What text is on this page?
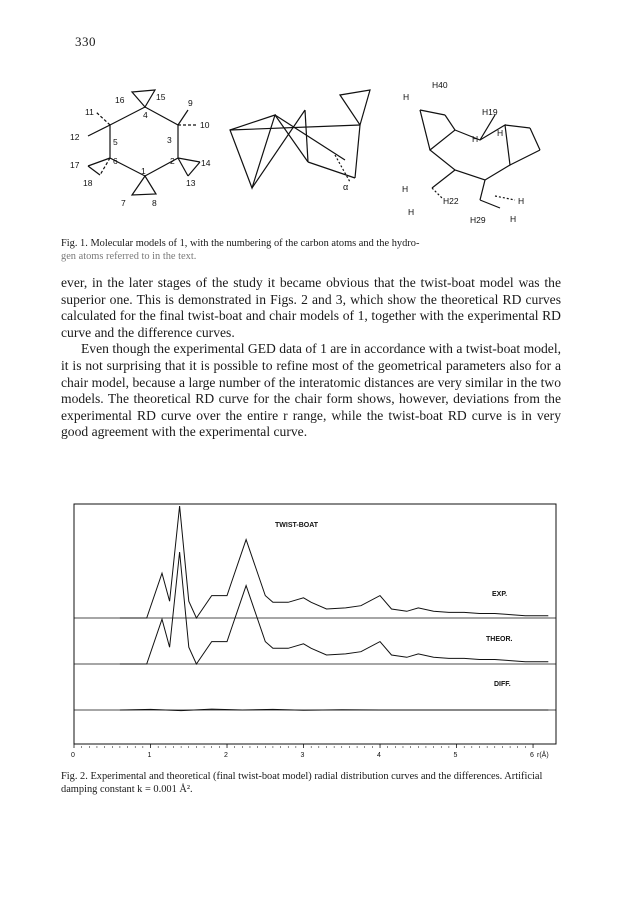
330
16	15
11
9
4
12	5	3
10
17	6	2	14
1
18
7	8
13	α
H
H40
H19
H
H
H
H22
H
H29
H
H
Fig. 1. Molecular models of 1, with the numbering of the carbon atoms and the hydro-
gen atoms referred to in the text.

ever, in the later stages of the study it became obvious that the twist-boat model was the superior one. This is demonstrated in Figs. 2 and 3, which show the theoretical RD curves calculated for the final twist-boat and chair models of 1, together with the experimental RD curve and the difference curves.

Even though the experimental GED data of 1 are in accordance with a twist-boat model, it is not surprising that it is possible to refine most of the geometrical parameters also for a chair model, because a large number of the interatomic distances are very similar in the two models. The theoretical RD curve for the chair form shows, however, deviations from the experimental RD curve over the entire r range, while the twist-boat RD curve is in very good agreement with the experimental curve.

TWIST-BOAT
EXP.
THEOR.
DIFF.
0	1	2	3	4	5	6 r(Å)
Fig. 2. Experimental and theoretical (final twist-boat model) radial distribution curves and the differences. Artificial damping constant k = 0.001 Å².
